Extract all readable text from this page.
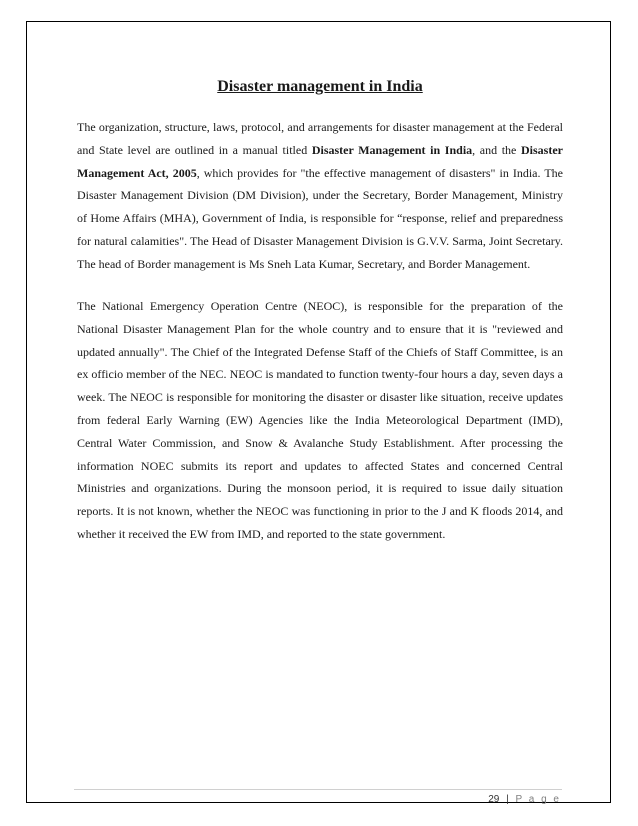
Disaster management in India

The organization, structure, laws, protocol, and arrangements for disaster management at the Federal and State level are outlined in a manual titled Disaster Management in India, and the Disaster Management Act, 2005, which provides for "the effective management of disasters" in India. The Disaster Management Division (DM Division), under the Secretary, Border Management, Ministry of Home Affairs (MHA), Government of India, is responsible for “response, relief and preparedness for natural calamities". The Head of Disaster Management Division is G.V.V. Sarma, Joint Secretary. The head of Border management is Ms Sneh Lata Kumar, Secretary, and Border Management.

The National Emergency Operation Centre (NEOC), is responsible for the preparation of the National Disaster Management Plan for the whole country and to ensure that it is "reviewed and updated annually". The Chief of the Integrated Defense Staff of the Chiefs of Staff Committee, is an ex officio member of the NEC. NEOC is mandated to function twenty-four hours a day, seven days a week. The NEOC is responsible for monitoring the disaster or disaster like situation, receive updates from federal Early Warning (EW) Agencies like the India Meteorological Department (IMD), Central Water Commission, and Snow & Avalanche Study Establishment. After processing the information NOEC submits its report and updates to affected States and concerned Central Ministries and organizations. During the monsoon period, it is required to issue daily situation reports. It is not known, whether the NEOC was functioning in prior to the J and K floods 2014, and whether it received the EW from IMD, and reported to the state government.

29 | P a g e
